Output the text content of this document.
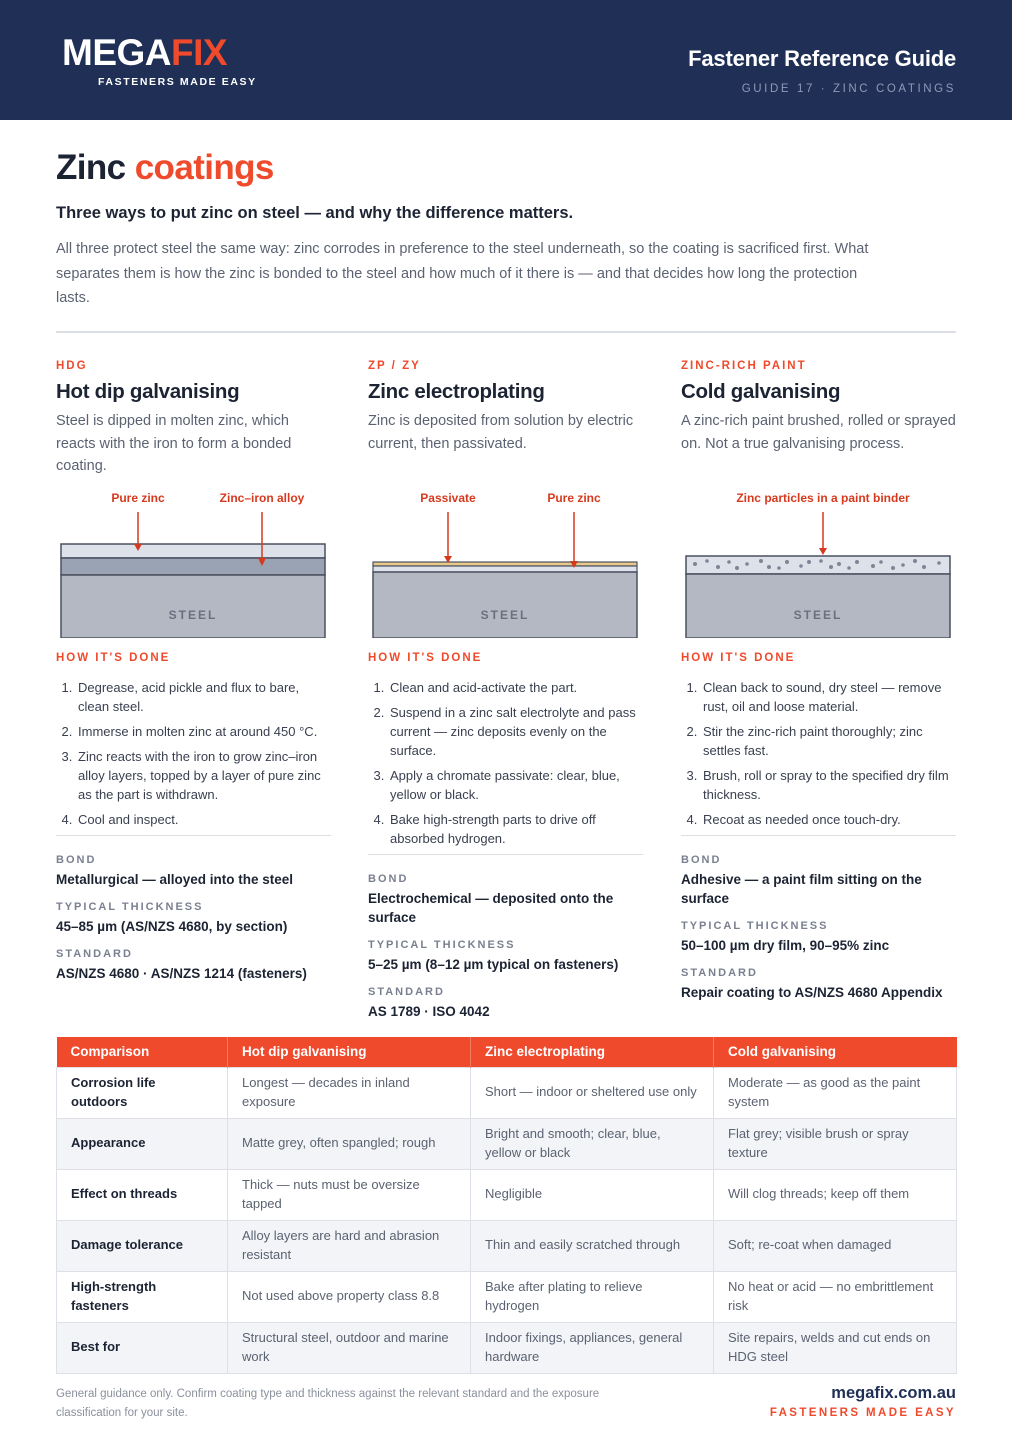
MEGAFIX
FASTENERS MADE EASY
Fastener Reference Guide
GUIDE 17 · ZINC COATINGS
Zinc coatings
Three ways to put zinc on steel — and why the difference matters.
All three protect steel the same way: zinc corrodes in preference to the steel underneath, so the coating is sacrificed first. What separates them is how the zinc is bonded to the steel and how much of it there is — and that decides how long the protection lasts.
HDG
Hot dip galvanising
Steel is dipped in molten zinc, which reacts with the iron to form a bonded coating.
Pure zinc	Zinc–iron alloy
STEEL
HOW IT'S DONE
1. Degrease, acid pickle and flux to bare, clean steel.
2. Immerse in molten zinc at around 450 °C.
3. Zinc reacts with the iron to grow zinc–iron alloy layers, topped by a layer of pure zinc as the part is withdrawn.
4. Cool and inspect.
BOND
Metallurgical — alloyed into the steel
TYPICAL THICKNESS
45–85 µm (AS/NZS 4680, by section)
STANDARD
AS/NZS 4680 · AS/NZS 1214 (fasteners)
ZP / ZY
Zinc electroplating
Zinc is deposited from solution by electric current, then passivated.
Passivate	Pure zinc
STEEL
HOW IT'S DONE
1. Clean and acid-activate the part.
2. Suspend in a zinc salt electrolyte and pass current — zinc deposits evenly on the surface.
3. Apply a chromate passivate: clear, blue, yellow or black.
4. Bake high-strength parts to drive off absorbed hydrogen.
BOND
Electrochemical — deposited onto the surface
TYPICAL THICKNESS
5–25 µm (8–12 µm typical on fasteners)
STANDARD
AS 1789 · ISO 4042
ZINC-RICH PAINT
Cold galvanising
A zinc-rich paint brushed, rolled or sprayed on. Not a true galvanising process.
Zinc particles in a paint binder
STEEL
HOW IT'S DONE
1. Clean back to sound, dry steel — remove rust, oil and loose material.
2. Stir the zinc-rich paint thoroughly; zinc settles fast.
3. Brush, roll or spray to the specified dry film thickness.
4. Recoat as needed once touch-dry.
BOND
Adhesive — a paint film sitting on the surface
TYPICAL THICKNESS
50–100 µm dry film, 90–95% zinc
STANDARD
Repair coating to AS/NZS 4680 Appendix
Comparison	Hot dip galvanising	Zinc electroplating	Cold galvanising
Corrosion life outdoors	Longest — decades in inland exposure	Short — indoor or sheltered use only	Moderate — as good as the paint system
Appearance	Matte grey, often spangled; rough	Bright and smooth; clear, blue, yellow or black	Flat grey; visible brush or spray texture
Effect on threads	Thick — nuts must be oversize tapped	Negligible	Will clog threads; keep off them
Damage tolerance	Alloy layers are hard and abrasion resistant	Thin and easily scratched through	Soft; re-coat when damaged
High-strength fasteners	Not used above property class 8.8	Bake after plating to relieve hydrogen	No heat or acid — no embrittlement risk
Best for	Structural steel, outdoor and marine work	Indoor fixings, appliances, general hardware	Site repairs, welds and cut ends on HDG steel
General guidance only. Confirm coating type and thickness against the relevant standard and the exposure classification for your site.
megafix.com.au
FASTENERS MADE EASY
